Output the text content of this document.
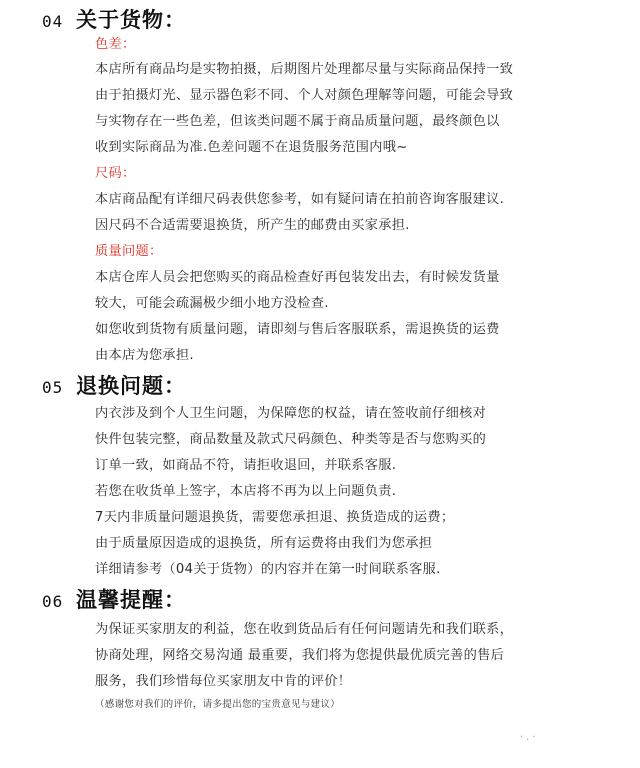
04 关于货物：
色差：
本店所有商品均是实物拍摄，后期图片处理都尽量与实际商品保持一致
由于拍摄灯光、显示器色彩不同、个人对颜色理解等问题，可能会导致
与实物存在一些色差，但该类问题不属于商品质量问题，最终颜色以
收到实际商品为准.色差问题不在退货服务范围内哦~
尺码：
本店商品配有详细尺码表供您参考，如有疑问请在拍前咨询客服建议.
因尺码不合适需要退换货，所产生的邮费由买家承担.
质量问题：
本店仓库人员会把您购买的商品检查好再包装发出去，有时候发货量
较大，可能会疏漏极少细小地方没检查.
如您收到货物有质量问题，请即刻与售后客服联系，需退换货的运费
由本店为您承担.
05 退换问题：
内衣涉及到个人卫生问题，为保障您的权益，请在签收前仔细核对
快件包装完整，商品数量及款式尺码颜色、种类等是否与您购买的
订单一致，如商品不符，请拒收退回，并联系客服.
若您在收货单上签字，本店将不再为以上问题负责.
7天内非质量问题退换货，需要您承担退、换货造成的运费；
由于质量原因造成的退换货，所有运费将由我们为您承担
详细请参考（04关于货物）的内容并在第一时间联系客服.
06 温馨提醒：
为保证买家朋友的利益，您在收到货品后有任何问题请先和我们联系，
协商处理，网络交易沟通 最重要，我们将为您提供最优质完善的售后
服务，我们珍惜每位买家朋友中肯的评价！
（感谢您对我们的评价，请多提出您的宝贵意见与建议）
·.·
